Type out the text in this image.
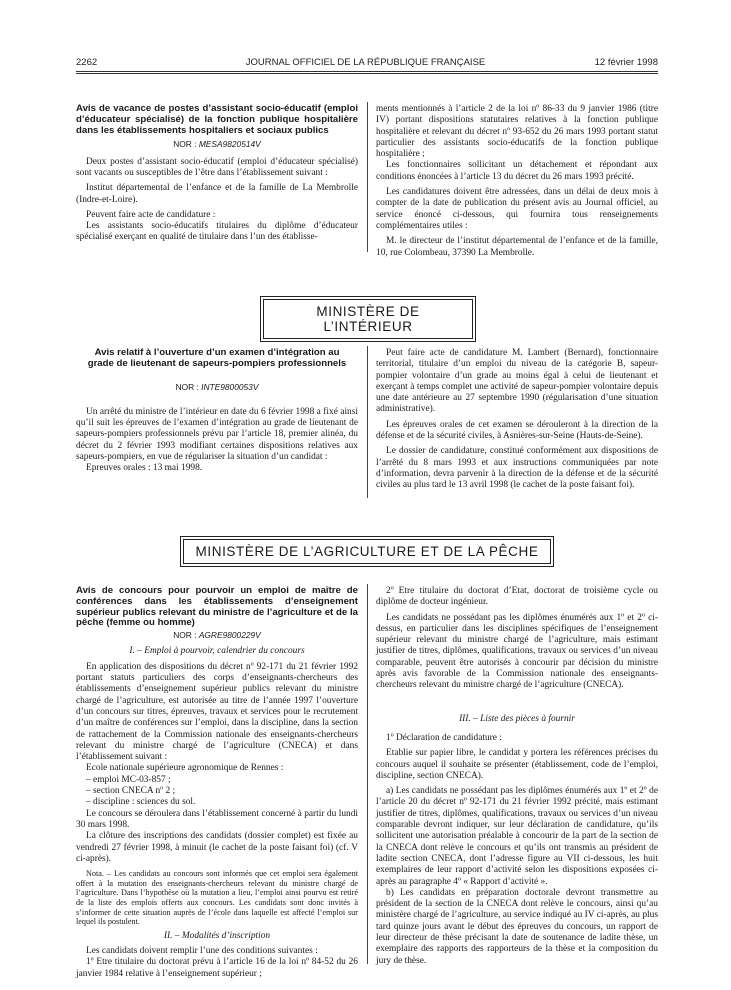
2262	JOURNAL OFFICIEL DE LA RÉPUBLIQUE FRANÇAISE	12 février 1998
Avis de vacance de postes d’assistant socio-éducatif (emploi d’éducateur spécialisé) de la fonction publique hospitalière dans les établissements hospitaliers et sociaux publics
NOR : MESA9820514V

Deux postes d’assistant socio-éducatif (emploi d’éducateur spécialisé) sont vacants ou susceptibles de l’être dans l’établissement suivant :

Institut départemental de l’enfance et de la famille de La Membrolle (Indre-et-Loire).

Peuvent faire acte de candidature :

Les assistants socio-éducatifs titulaires du diplôme d’éducateur spécialisé exerçant en qualité de titulaire dans l’un des établisse-

ments mentionnés à l’article 2 de la loi nº 86-33 du 9 janvier 1986 (titre IV) portant dispositions statutaires relatives à la fonction publique hospitalière et relevant du décret nº 93-652 du 26 mars 1993 portant statut particulier des assistants socio-éducatifs de la fonction publique hospitalière ;

Les fonctionnaires sollicitant un détachement et répondant aux conditions énoncées à l’article 13 du décret du 26 mars 1993 précité.

Les candidatures doivent être adressées, dans un délai de deux mois à compter de la date de publication du présent avis au Journal officiel, au service énoncé ci-dessous, qui fournira tous renseignements complémentaires utiles :

M. le directeur de l’institut départemental de l’enfance et de la famille, 10, rue Colombeau, 37390 La Membrolle.

MINISTÈRE DE L’INTÉRIEUR
Avis relatif à l’ouverture d’un examen d’intégration au grade de lieutenant de sapeurs-pompiers professionnels
NOR : INTE9800053V

Un arrêté du ministre de l’intérieur en date du 6 février 1998 a fixé ainsi qu’il suit les épreuves de l’examen d’intégration au grade de lieutenant de sapeurs-pompiers professionnels prévu par l’article 18, premier alinéa, du décret du 2 février 1993 modifiant certaines dispositions relatives aux sapeurs-pompiers, en vue de régulariser la situation d’un candidat :

Epreuves orales : 13 mai 1998.

Peut faire acte de candidature M. Lambert (Bernard), fonctionnaire territorial, titulaire d’un emploi du niveau de la catégorie B, sapeur-pompier volontaire d’un grade au moins égal à celui de lieutenant et exerçant à temps complet une activité de sapeur-pompier volontaire depuis une date antérieure au 27 septembre 1990 (régularisation d’une situation administrative).

Les épreuves orales de cet examen se dérouleront à la direction de la défense et de la sécurité civiles, à Asnières-sur-Seine (Hauts-de-Seine).

Le dossier de candidature, constitué conformément aux dispositions de l’arrêté du 8 mars 1993 et aux instructions communiquées par note d’information, devra parvenir à la direction de la défense et de la sécurité civiles au plus tard le 13 avril 1998 (le cachet de la poste faisant foi).

MINISTÈRE DE L’AGRICULTURE ET DE LA PÊCHE
Avis de concours pour pourvoir un emploi de maître de conférences dans les établissements d’enseignement supérieur publics relevant du ministre de l’agriculture et de la pêche (femme ou homme)
NOR : AGRE9800229V

I. – Emploi à pourvoir, calendrier du concours

En application des dispositions du décret nº 92-171 du 21 février 1992 portant statuts particuliers des corps d’enseignants-chercheurs des établissements d’enseignement supérieur publics relevant du ministre chargé de l’agriculture, est autorisée au titre de l’année 1997 l’ouverture d’un concours sur titres, épreuves, travaux et services pour le recrutement d’un maître de conférences sur l’emploi, dans la discipline, dans la section de rattachement de la Commission nationale des enseignants-chercheurs relevant du ministre chargé de l’agriculture (CNECA) et dans l’établissement suivant :

Ecole nationale supérieure agronomique de Rennes :

– emploi MC-03-857 ;

– section CNECA nº 2 ;

– discipline : sciences du sol.

Le concours se déroulera dans l’établissement concerné à partir du lundi 30 mars 1998.

La clôture des inscriptions des candidats (dossier complet) est fixée au vendredi 27 février 1998, à minuit (le cachet de la poste faisant foi) (cf. V ci-après).

Nota. – Les candidats au concours sont informés que cet emploi sera également offert à la mutation des enseignants-chercheurs relevant du ministre chargé de l’agriculture. Dans l’hypothèse où la mutation a lieu, l’emploi ainsi pourvu est retiré de la liste des emplois offerts aux concours. Les candidats sont donc invités à s’informer de cette situation auprès de l’école dans laquelle est affecté l’emploi sur lequel ils postulent.

II. – Modalités d’inscription

Les candidats doivent remplir l’une des conditions suivantes :

1º Etre titulaire du doctorat prévu à l’article 16 de la loi nº 84-52 du 26 janvier 1984 relative à l’enseignement supérieur ;

2º Etre titulaire du doctorat d’Etat, doctorat de troisième cycle ou diplôme de docteur ingénieur.

Les candidats ne possédant pas les diplômes énumérés aux 1º et 2º ci-dessus, en particulier dans les disciplines spécifiques de l’enseignement supérieur relevant du ministre chargé de l’agriculture, mais estimant justifier de titres, diplômes, qualifications, travaux ou services d’un niveau comparable, peuvent être autorisés à concourir par décision du ministre après avis favorable de la Commission nationale des enseignants-chercheurs relevant du ministre chargé de l’agriculture (CNECA).

III. – Liste des pièces à fournir

1º Déclaration de candidature :

Etablie sur papier libre, le candidat y portera les références précises du concours auquel il souhaite se présenter (établissement, code de l’emploi, discipline, section CNECA).

a) Les candidats ne possédant pas les diplômes énumérés aux 1º et 2º de l’article 20 du décret nº 92-171 du 21 février 1992 précité, mais estimant justifier de titres, diplômes, qualifications, travaux ou services d’un niveau comparable devront indiquer, sur leur déclaration de candidature, qu’ils sollicitent une autorisation préalable à concourir de la part de la section de la CNECA dont relève le concours et qu’ils ont transmis au président de ladite section CNECA, dont l’adresse figure au VII ci-dessous, les huit exemplaires de leur rapport d’activité selon les dispositions exposées ci-après au paragraphe 4º « Rapport d’activité ».

b) Les candidats en préparation doctorale devront transmettre au président de la section de la CNECA dont relève le concours, ainsi qu’au ministère chargé de l’agriculture, au service indiqué au IV ci-après, au plus tard quinze jours avant le début des épreuves du concours, un rapport de leur directeur de thèse précisant la date de soutenance de ladite thèse, un exemplaire des rapports des rapporteurs de la thèse et la composition du jury de thèse.
